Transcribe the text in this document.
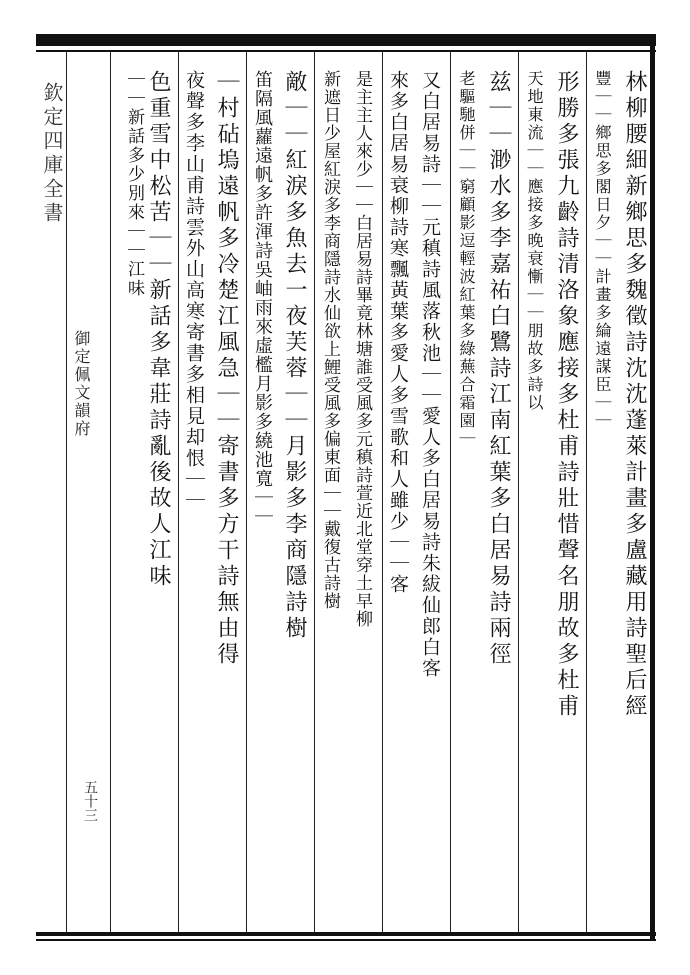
欽定四庫全書
御定佩文韻府
五十三
林柳腰細新鄉思多魏徵詩沈沈蓬萊計畫多盧藏用詩聖后經
豐｜｜鄉思多閣日夕｜｜計畫多綸遠謀臣｜｜
形勝多張九齡詩清洛象應接多杜甫詩壯惜聲名朋故多杜甫
天地東流｜｜應接多晚衰慚｜｜朋故多詩以
兹｜｜渺水多李嘉祐白鷺詩江南紅葉多白居易詩兩徑
老驅馳併｜｜窮顧影逗輕波紅葉多綠蕪合霜園｜
又白居易詩｜｜元稹詩風落秋池｜｜愛人多白居易詩朱紱仙郎白客
來多白居易衰柳詩寒飄黃葉多愛人多雪歌和人雖少｜｜客
是主主人來少｜｜白居易詩畢竟林塘誰受風多元稹詩萱近北堂穿土早柳
新遮日少屋紅淚多李商隱詩水仙欲上鯉受風多偏東面｜｜戴復古詩樹
敵｜｜紅淚多魚去一夜芙蓉｜｜月影多李商隱詩樹
笛隔風蘿遠帆多許渾詩吳岫雨來虛檻月影多繞池寬｜｜
｜村砧塢遠帆多冷楚江風急｜｜寄書多方干詩無由得
夜聲多李山甫詩雲外山高寒寄書多相見却恨｜｜
色重雪中松苦｜｜新話多韋莊詩亂後故人江味
｜｜新話多少別來｜｜江味
